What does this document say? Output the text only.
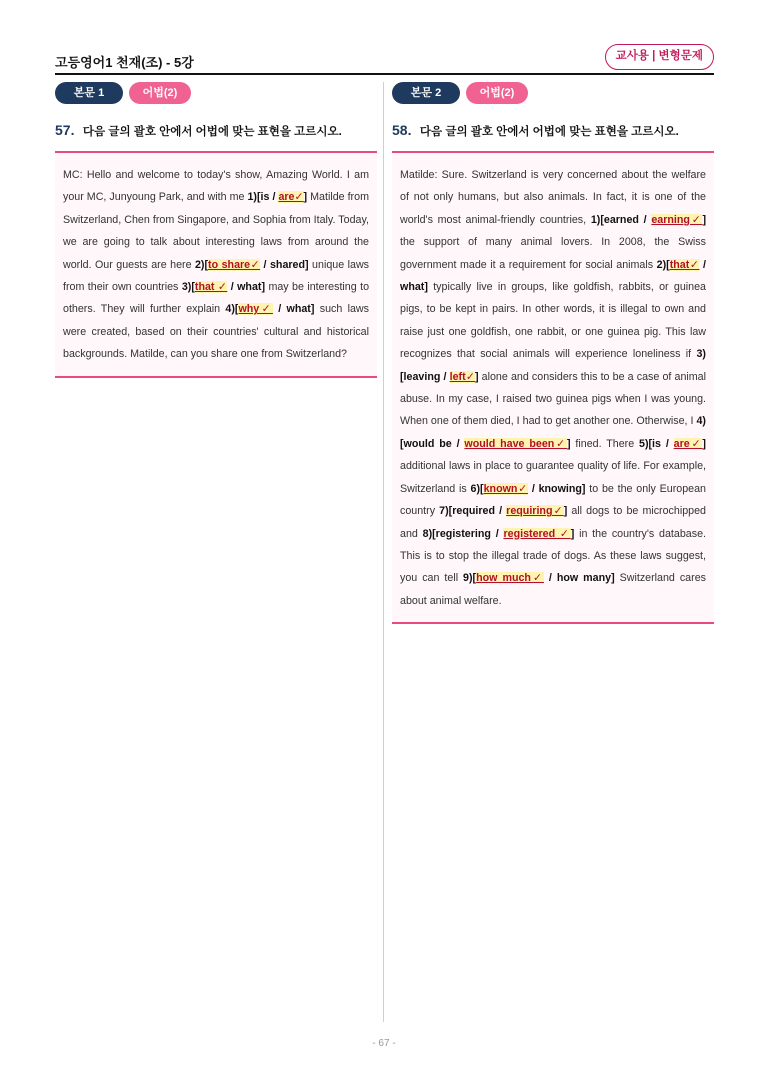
고등영어1 천재(조) - 5강	교사용 | 변형문제
본문 1	어법(2)
57. 다음 글의 괄호 안에서 어법에 맞는 표현을 고르시오.
MC: Hello and welcome to today's show, Amazing World. I am your MC, Junyoung Park, and with me 1)[is / are✓] Matilde from Switzerland, Chen from Singapore, and Sophia from Italy. Today, we are going to talk about interesting laws from around the world. Our guests are here 2)[to share✓ / shared] unique laws from their own countries 3)[that ✓ / what] may be interesting to others. They will further explain 4)[why✓ / what] such laws were created, based on their countries' cultural and historical backgrounds. Matilde, can you share one from Switzerland?
본문 2	어법(2)
58. 다음 글의 괄호 안에서 어법에 맞는 표현을 고르시오.
Matilde: Sure. Switzerland is very concerned about the welfare of not only humans, but also animals. In fact, it is one of the world's most animal-friendly countries, 1)[earned / earning✓] the support of many animal lovers. In 2008, the Swiss government made it a requirement for social animals 2)[that✓ / what] typically live in groups, like goldfish, rabbits, or guinea pigs, to be kept in pairs. In other words, it is illegal to own and raise just one goldfish, one rabbit, or one guinea pig. This law recognizes that social animals will experience loneliness if 3)[leaving / left✓] alone and considers this to be a case of animal abuse. In my case, I raised two guinea pigs when I was young. When one of them died, I had to get another one. Otherwise, I 4)[would be / would have been✓] fined. There 5)[is / are✓] additional laws in place to guarantee quality of life. For example, Switzerland is 6)[known✓ / knowing] to be the only European country 7)[required / requiring✓] all dogs to be microchipped and 8)[registering / registered ✓] in the country's database. This is to stop the illegal trade of dogs. As these laws suggest, you can tell 9)[how much✓ / how many] Switzerland cares about animal welfare.
- 67 -
